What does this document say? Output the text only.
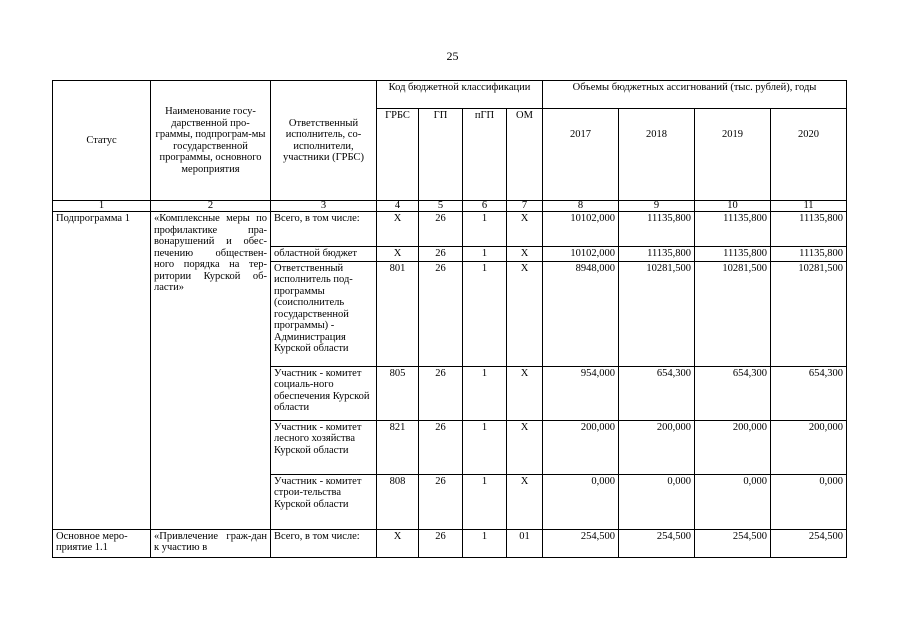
25
Статус	Наименование госу-дарственной про-граммы, подпрограм-мы государственной программы, основного мероприятия	Ответственный исполнитель, со-исполнители, участники (ГРБС)	Код бюджетной классификации				Объемы бюджетных ассигнований (тыс. рублей), годы			
			ГРБС	ГП	пГП	ОМ	2017	2018	2019	2020
1	2	3	4	5	6	7	8	9	10	11
Подпрограмма 1	«Комплексные меры по профилактике пра-вонарушений и обес-печению обществен-ного порядка на тер-ритории Курской об-ласти»	Всего, в том числе:	Х	26	1	Х	10102,000	11135,800	11135,800	11135,800
		областной бюджет	Х	26	1	Х	10102,000	11135,800	11135,800	11135,800
		Ответственный исполнитель под-программы (соисполнитель государственной программы) - Администрация Курской области	801	26	1	Х	8948,000	10281,500	10281,500	10281,500
		Участник - комитет социаль-ного обеспечения Курской области	805	26	1	Х	954,000	654,300	654,300	654,300
		Участник - комитет лесного хозяйства Курской области	821	26	1	Х	200,000	200,000	200,000	200,000
		Участник - комитет строи-тельства Курской области	808	26	1	Х	0,000	0,000	0,000	0,000
Основное меро-приятие 1.1	«Привлечение граж-дан к участию в	Всего, в том числе:	Х	26	1	01	254,500	254,500	254,500	254,500
